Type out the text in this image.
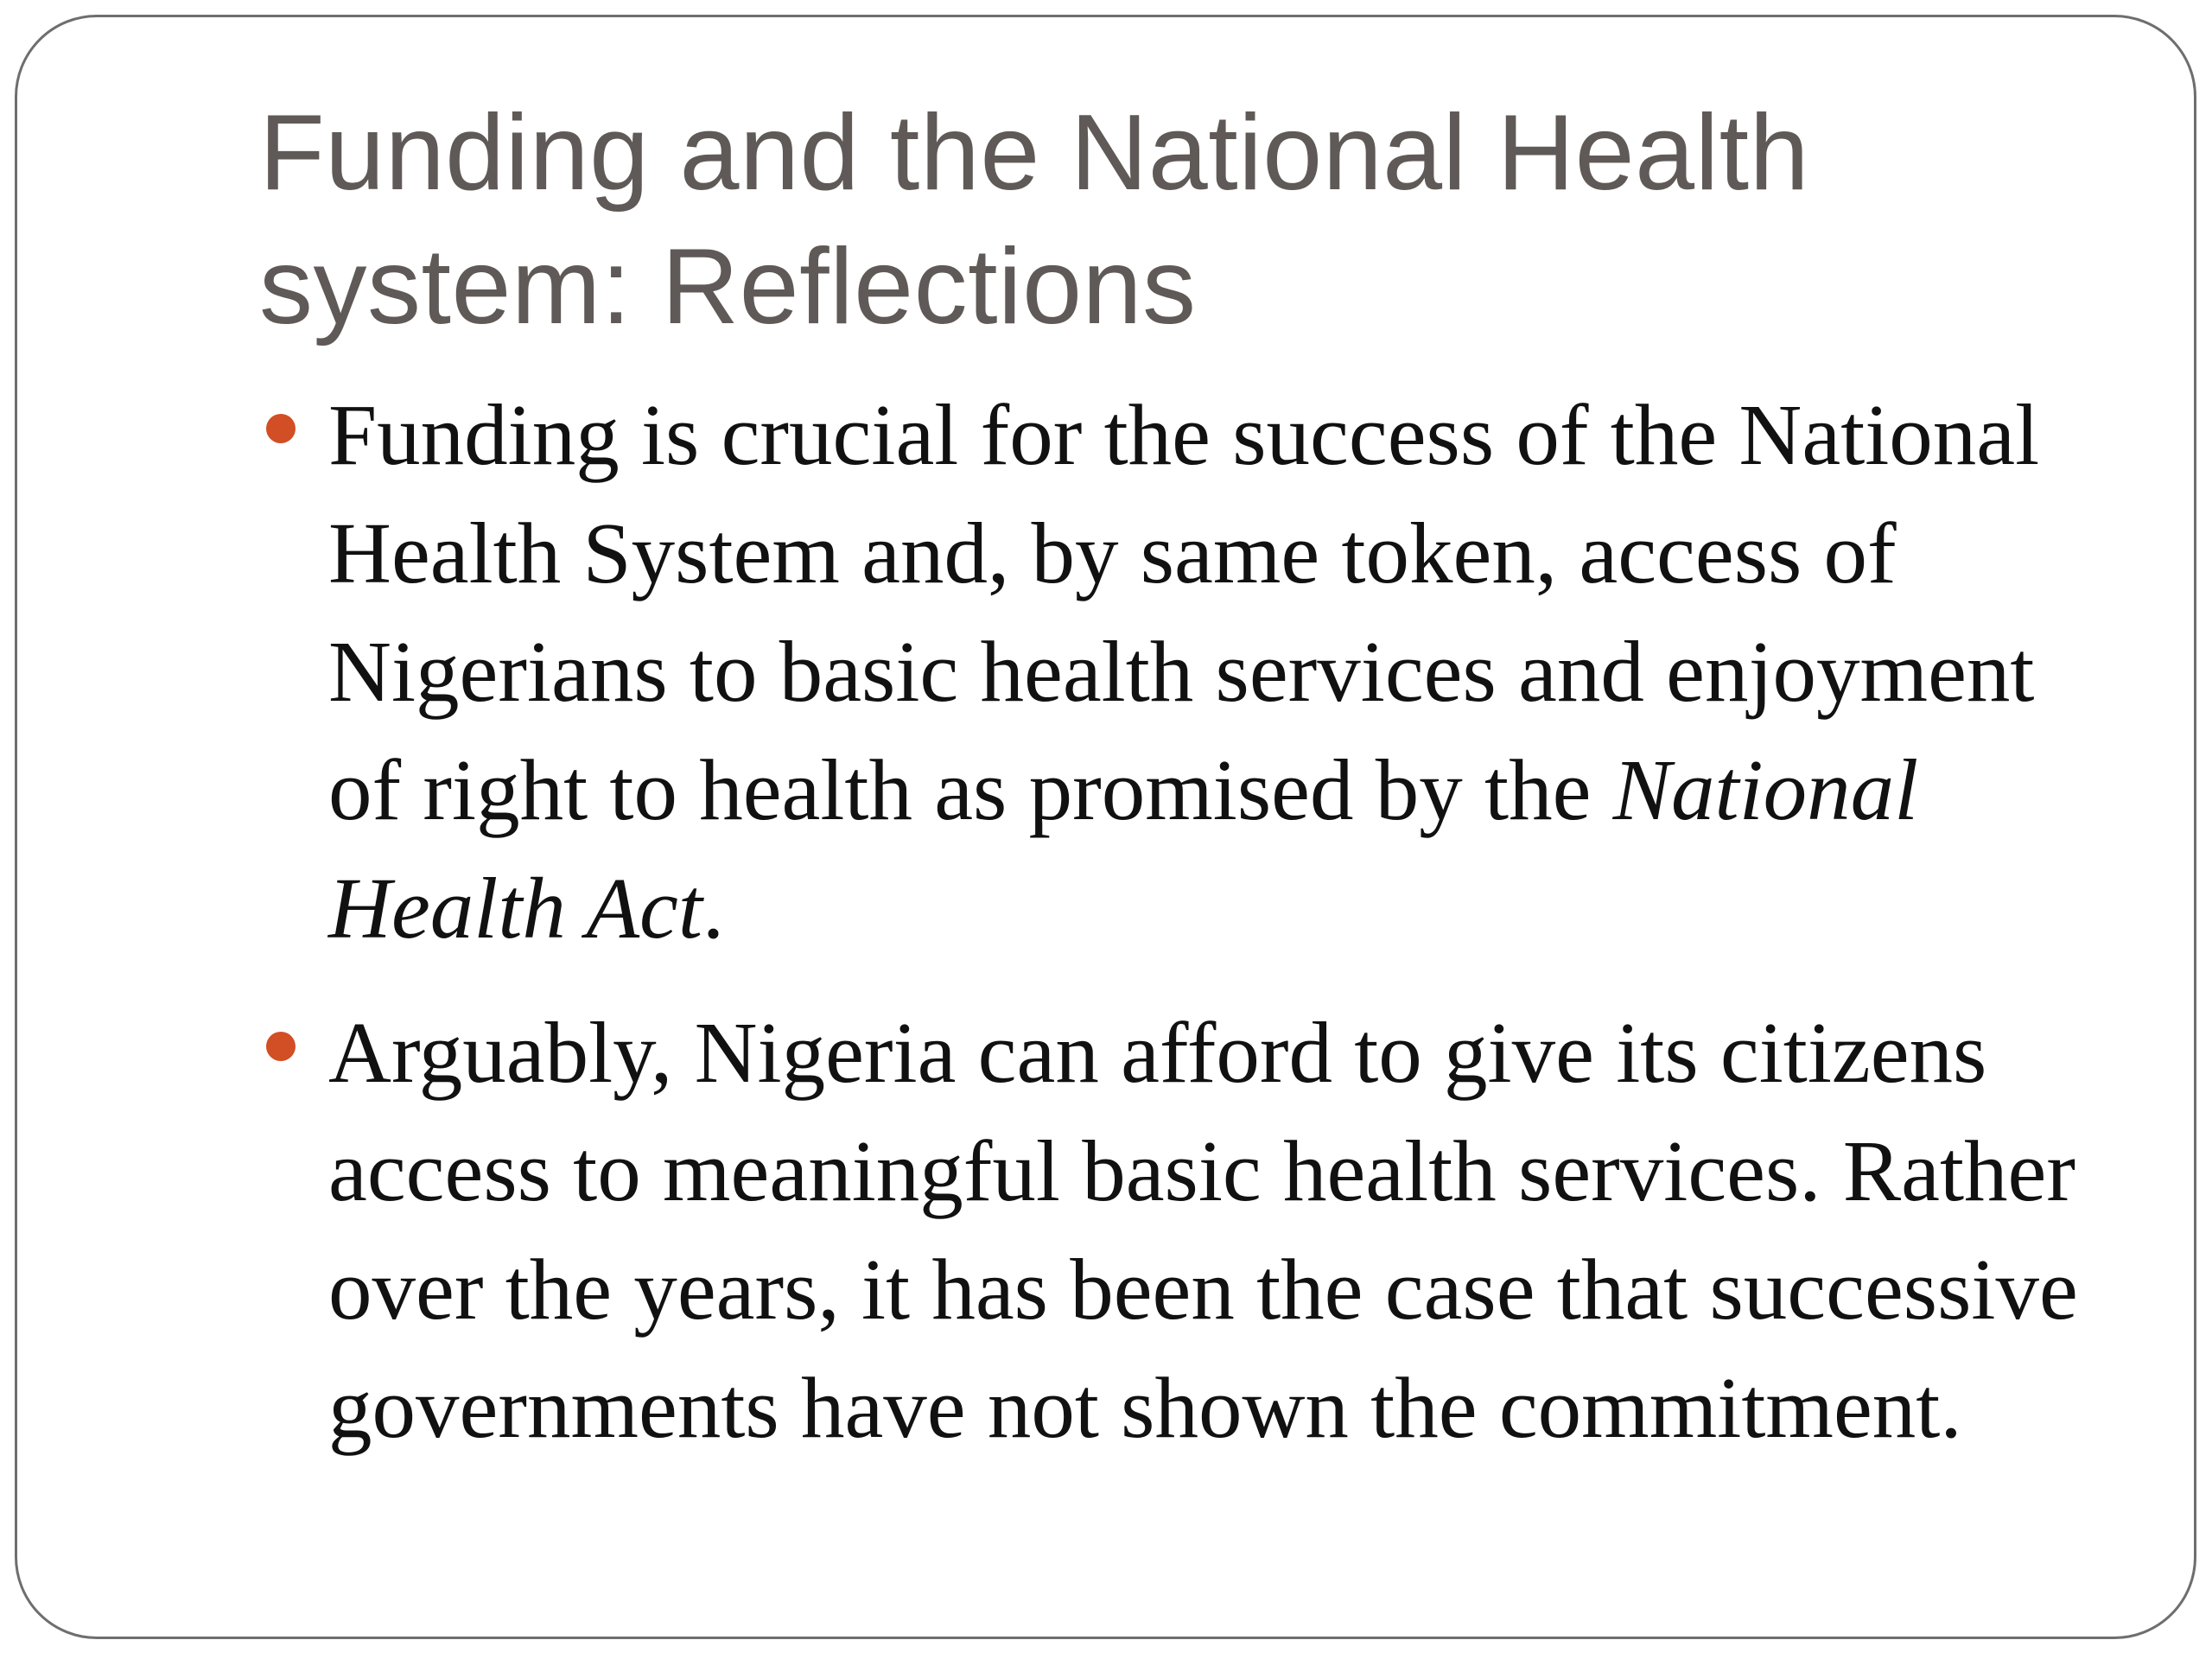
Funding and the National Health system: Reflections
Funding is crucial for the success of the National Health System and, by same token, access of Nigerians to basic health services and enjoyment of right to health as promised by the National Health Act.
Arguably, Nigeria can afford to give its citizens access to meaningful basic health services. Rather over the years, it has been the case that successive governments have not shown the commitment.
